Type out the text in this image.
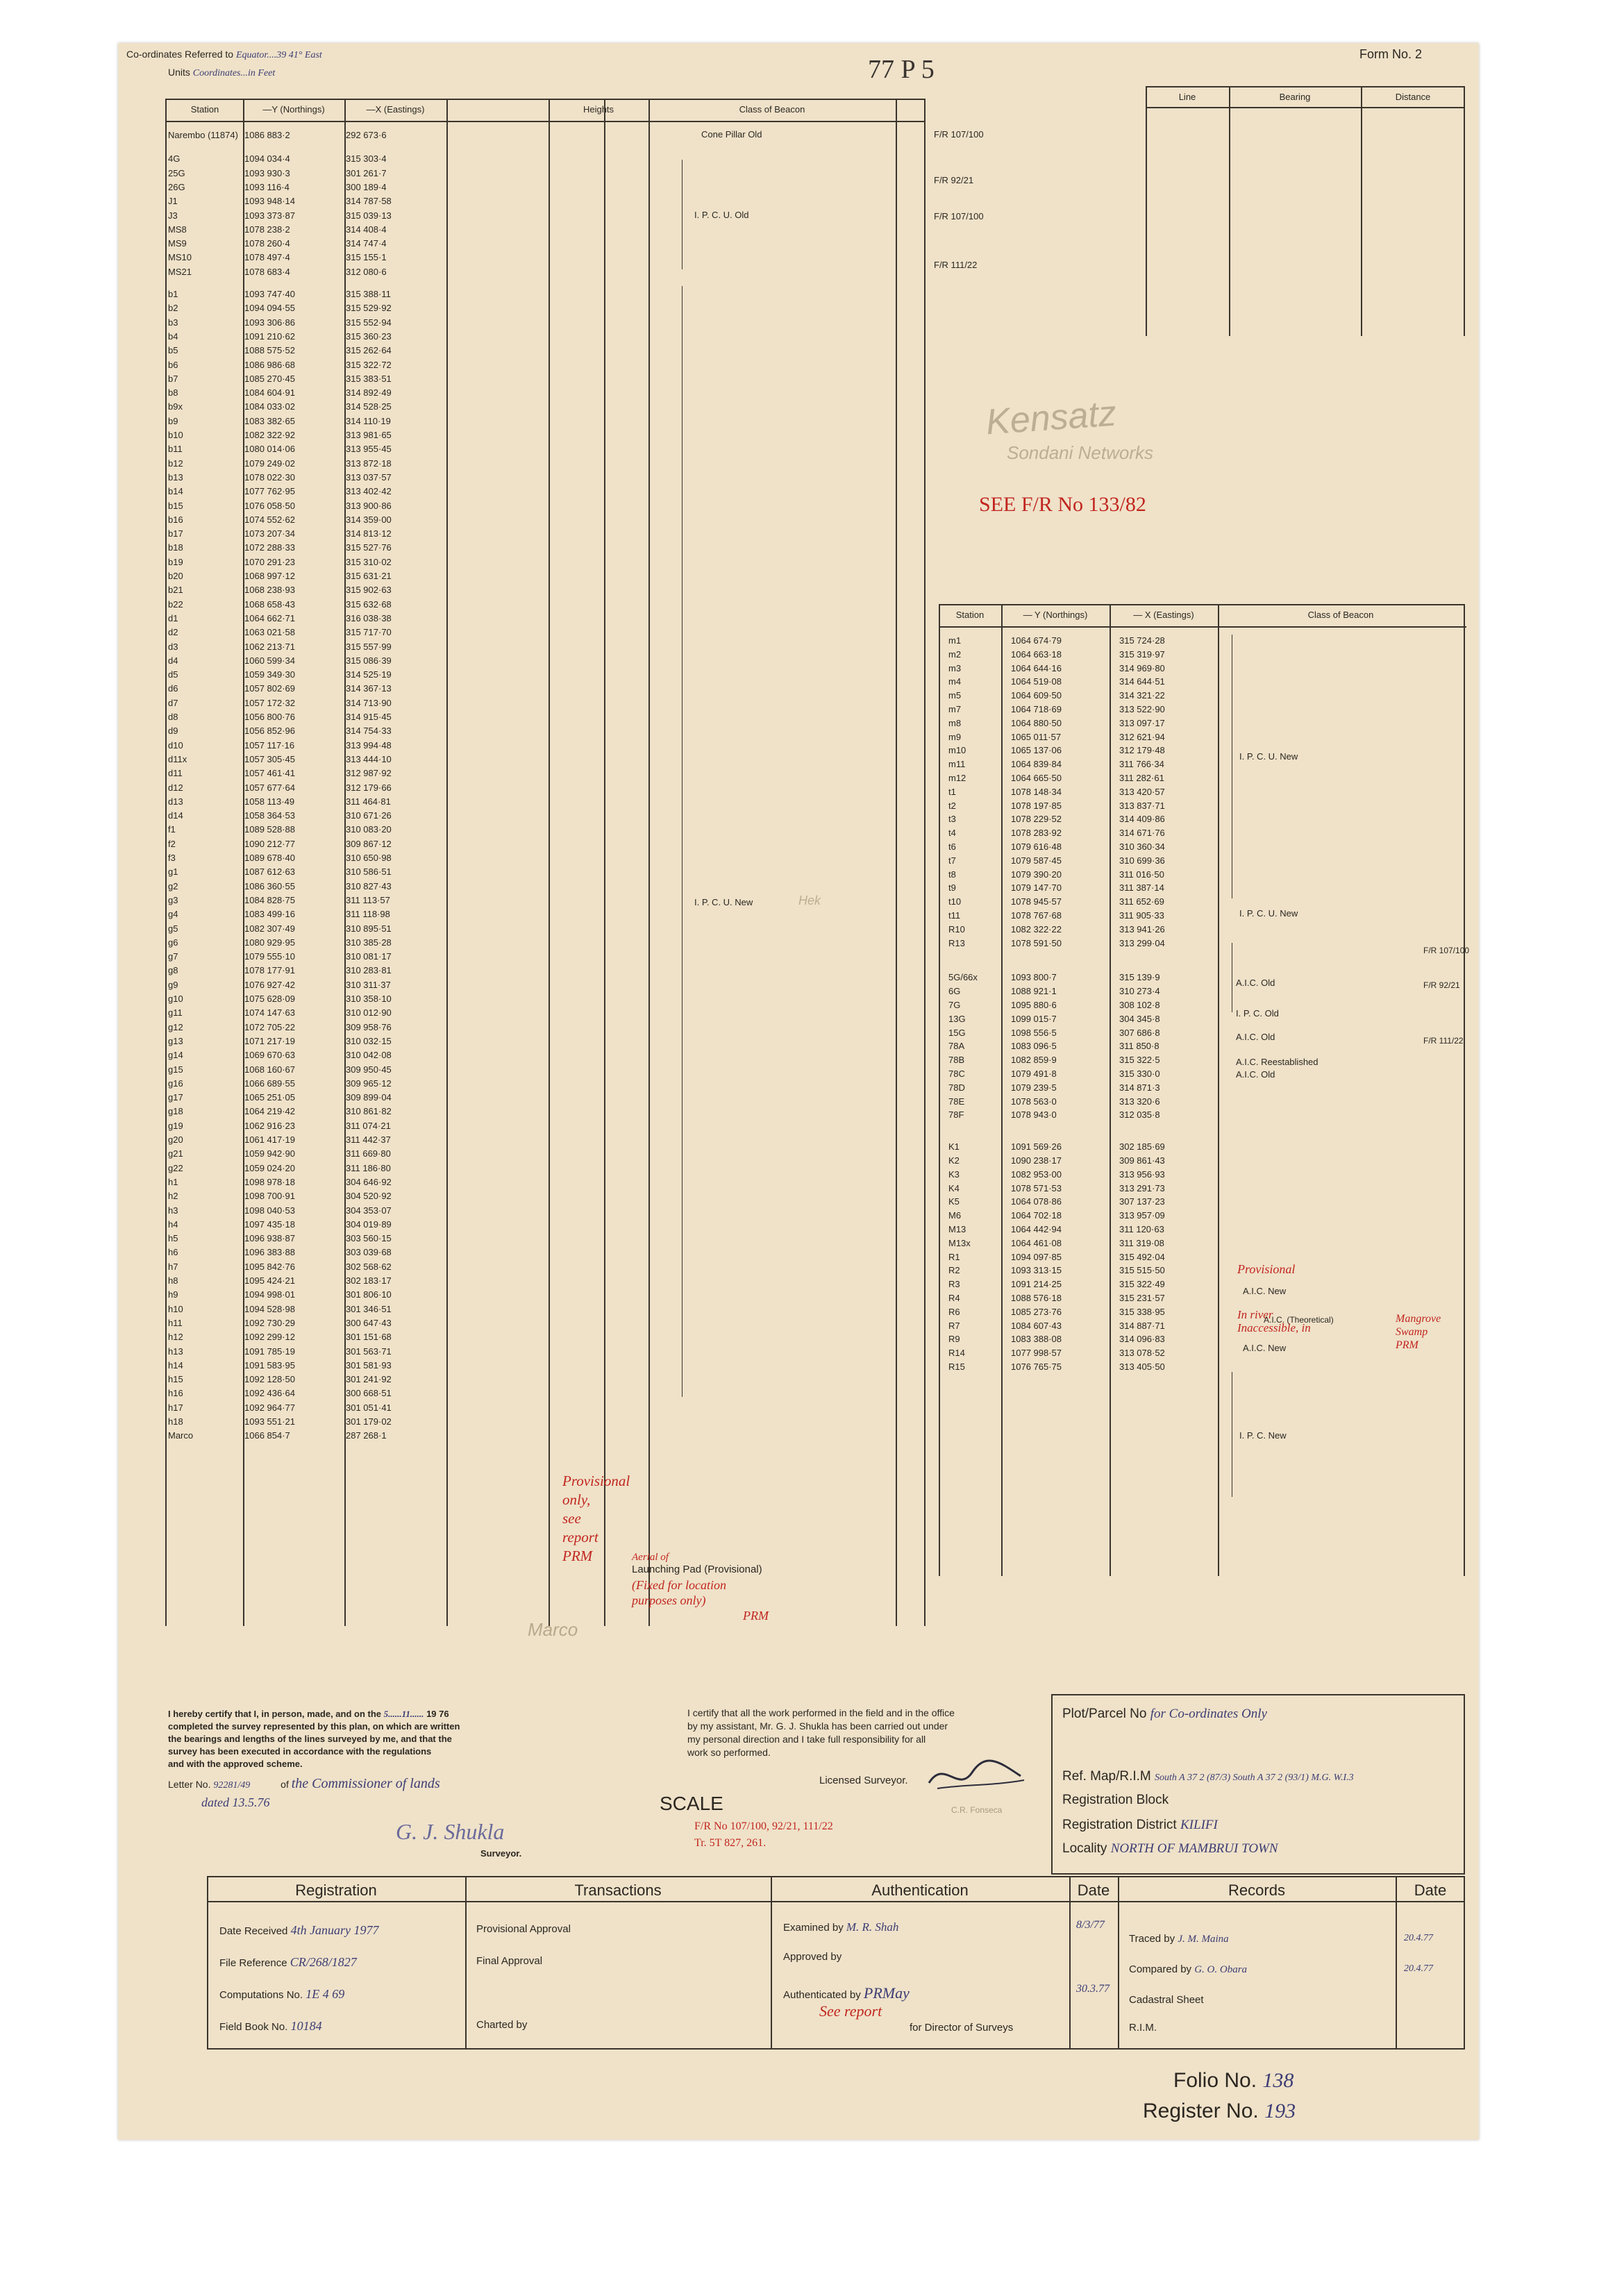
Co-ordinates Referred to Equator....39 41° East
Units Coordinates...in Feet
Form No. 2
77 P 5
Station	—Y (Northings)	—X (Eastings)	Heights	Class of Beacon
Narembo (11874) 1086 883·2	292 673·6
4G	1094 034·4	315 303·4
25G	1093 930·3	301 261·7
26G	1093 116·4	300 189·4
J1	1093 948·14	314 787·58
J3	1093 373·87	315 039·13
MS8	1078 238·2	314 408·4
MS9	1078 260·4	314 747·4
MS10	1078 497·4	315 155·1
MS21	1078 683·4	312 080·6
b1	1093 747·40	315 388·11
b2	1094 094·55	315 529·92
b3	1093 306·86	315 552·94
b4	1091 210·62	315 360·23
b5	1088 575·52	315 262·64
b6	1086 986·68	315 322·72
b7	1085 270·45	315 383·51
b8	1084 604·91	314 892·49
b9x	1084 033·02	314 528·25
b9	1083 382·65	314 110·19
b10	1082 322·92	313 981·65
b11	1080 014·06	313 955·45
b12	1079 249·02	313 872·18
b13	1078 022·30	313 037·57
b14	1077 762·95	313 402·42
b15	1076 058·50	313 900·86
b16	1074 552·62	314 359·00
b17	1073 207·34	314 813·12
b18	1072 288·33	315 527·76
b19	1070 291·23	315 310·02
b20	1068 997·12	315 631·21
b21	1068 238·93	315 902·63
b22	1068 658·43	315 632·68
d1	1064 662·71	316 038·38
d2	1063 021·58	315 717·70
d3	1062 213·71	315 557·99
d4	1060 599·34	315 086·39
d5	1059 349·30	314 525·19
d6	1057 802·69	314 367·13
d7	1057 172·32	314 713·90
d8	1056 800·76	314 915·45
d9	1056 852·96	314 754·33
d10	1057 117·16	313 994·48
d11x	1057 305·45	313 444·10
d11	1057 461·41	312 987·92
d12	1057 677·64	312 179·66
d13	1058 113·49	311 464·81
d14	1058 364·53	310 671·26
f1	1089 528·88	310 083·20
f2	1090 212·77	309 867·12
f3	1089 678·40	310 650·98
g1	1087 612·63	310 586·51
g2	1086 360·55	310 827·43
g3	1084 828·75	311 113·57
g4	1083 499·16	311 118·98
g5	1082 307·49	310 895·51
g6	1080 929·95	310 385·28
g7	1079 555·10	310 081·17
g8	1078 177·91	310 283·81
g9	1076 927·42	310 311·37
g10	1075 628·09	310 358·10
g11	1074 147·63	310 012·90
g12	1072 705·22	309 958·76
g13	1071 217·19	310 032·15
g14	1069 670·63	310 042·08
g15	1068 160·67	309 950·45
g16	1066 689·55	309 965·12
g17	1065 251·05	309 899·04
g18	1064 219·42	310 861·82
g19	1062 916·23	311 074·21
g20	1061 417·19	311 442·37
g21	1059 942·90	311 669·80
g22	1059 024·20	311 186·80
h1	1098 978·18	304 646·92
h2	1098 700·91	304 520·92
h3	1098 040·53	304 353·07
h4	1097 435·18	304 019·89
h5	1096 938·87	303 560·15
h6	1096 383·88	303 039·68
h7	1095 842·76	302 568·62
h8	1095 424·21	302 183·17
h9	1094 998·01	301 806·10
h10	1094 528·98	301 346·51
h11	1092 730·29	300 647·43
h12	1092 299·12	301 151·68
h13	1091 785·19	301 563·71
h14	1091 583·95	301 581·93
h15	1092 128·50	301 241·92
h16	1092 436·64	300 668·51
h17	1092 964·77	301 051·41
h18	1093 551·21	301 179·02
Marco	1066 854·7	287 268·1
Cone Pillar Old
I. P. C. U. Old
I. P. C. U. New
F/R 107/100
F/R 92/21
F/R 107/100
F/R 111/22
Marco
Hek
Provisional
only,
see
report
PRM	Aerial of
Launching Pad (Provisional)
(Fixed for location
purposes only)
PRM
Line	Bearing	Distance
Kensatz
Sondani Networks
SEE F/R No 133/82
Station	— Y (Northings)	— X (Eastings)	Class of Beacon
m1	1064 674·79	315 724·28
m2	1064 663·18	315 319·97
m3	1064 644·16	314 969·80
m4	1064 519·08	314 644·51
m5	1064 609·50	314 321·22
m7	1064 718·69	313 522·90
m8	1064 880·50	313 097·17
m9	1065 011·57	312 621·94
m10	1065 137·06	312 179·48
m11	1064 839·84	311 766·34
m12	1064 665·50	311 282·61
t1	1078 148·34	313 420·57
t2	1078 197·85	313 837·71
t3	1078 229·52	314 409·86
t4	1078 283·92	314 671·76
t6	1079 616·48	310 360·34
t7	1079 587·45	310 699·36
t8	1079 390·20	311 016·50
t9	1079 147·70	311 387·14
t10	1078 945·57	311 652·69
t11	1078 767·68	311 905·33
R10	1082 322·22	313 941·26
R13	1078 591·50	313 299·04
5G/66x	1093 800·7	315 139·9
6G	1088 921·1	310 273·4
7G	1095 880·6	308 102·8
13G	1099 015·7	304 345·8
15G	1098 556·5	307 686·8
78A	1083 096·5	311 850·8
78B	1082 859·9	315 322·5
78C	1079 491·8	315 330·0
78D	1079 239·5	314 871·3
78E	1078 563·0	313 320·6
78F	1078 943·0	312 035·8
K1	1091 569·26	302 185·69
K2	1090 238·17	309 861·43
K3	1082 953·00	313 956·93
K4	1078 571·53	313 291·73
K5	1064 078·86	307 137·23
M6	1064 702·18	313 957·09
M13	1064 442·94	311 120·63
M13x	1064 461·08	311 319·08
R1	1094 097·85	315 492·04
R2	1093 313·15	315 515·50
R3	1091 214·25	315 322·49
R4	1088 576·18	315 231·57
R6	1085 273·76	315 338·95
R7	1084 607·43	314 887·71
R9	1083 388·08	314 096·83
R14	1077 998·57	313 078·52
R15	1076 765·75	313 405·50
I. P. C. U. New
I. P. C. U. New
A.I.C. Old
I. P. C. Old
A.I.C. Old
A.I.C. Reestablished
A.I.C. Old
F/R 107/100
F/R 92/21
F/R 111/22
Provisional
A.I.C. New
In river
Inaccessible, in
A.I.C. (Theoretical)
A.I.C. New
Mangrove
Swamp
PRM
I. P. C. New
I hereby certify that I, in person, made, and on the 5......11...... 19 76
completed the survey represented by this plan, on which are written
the bearings and lengths of the lines surveyed by me, and that the
survey has been executed in accordance with the regulations
and with the approved scheme.
Letter No. 92281/49	of the Commissioner of lands
dated 13.5.76
G. J. Shukla
Surveyor.
I certify that all the work performed in the field and in the office
by my assistant, Mr. G. J. Shukla has been carried out under
my personal direction and I take full responsibility for all
work so performed.
Licensed Surveyor.
SCALE
F/R No 107/100, 92/21, 111/22
Tr. 5T 827, 261.
C.R. Fonseca
Plot/Parcel No for Co-ordinates Only
Ref. Map/R.I.M South A 37 2 (87/3) South A 37 2 (93/1) M.G. W.I.3
Registration Block
Registration District KILIFI
Locality NORTH OF MAMBRUI TOWN
Registration	Transactions	Authentication	Date	Records	Date
Date Received 4th January 1977
File Reference CR/268/1827
Computations No. 1E 4 69
Field Book No. 10184
Provisional Approval
Final Approval
Charted by
Examined by M. R. Shah	8/3/77
Approved by
Authenticated by PRMay	30.3.77
See report
for Director of Surveys
Traced by J. M. Maina	20.4.77
Compared by G. O. Obara	20.4.77
Cadastral Sheet
R.I.M.
Folio No. 138
Register No. 193
